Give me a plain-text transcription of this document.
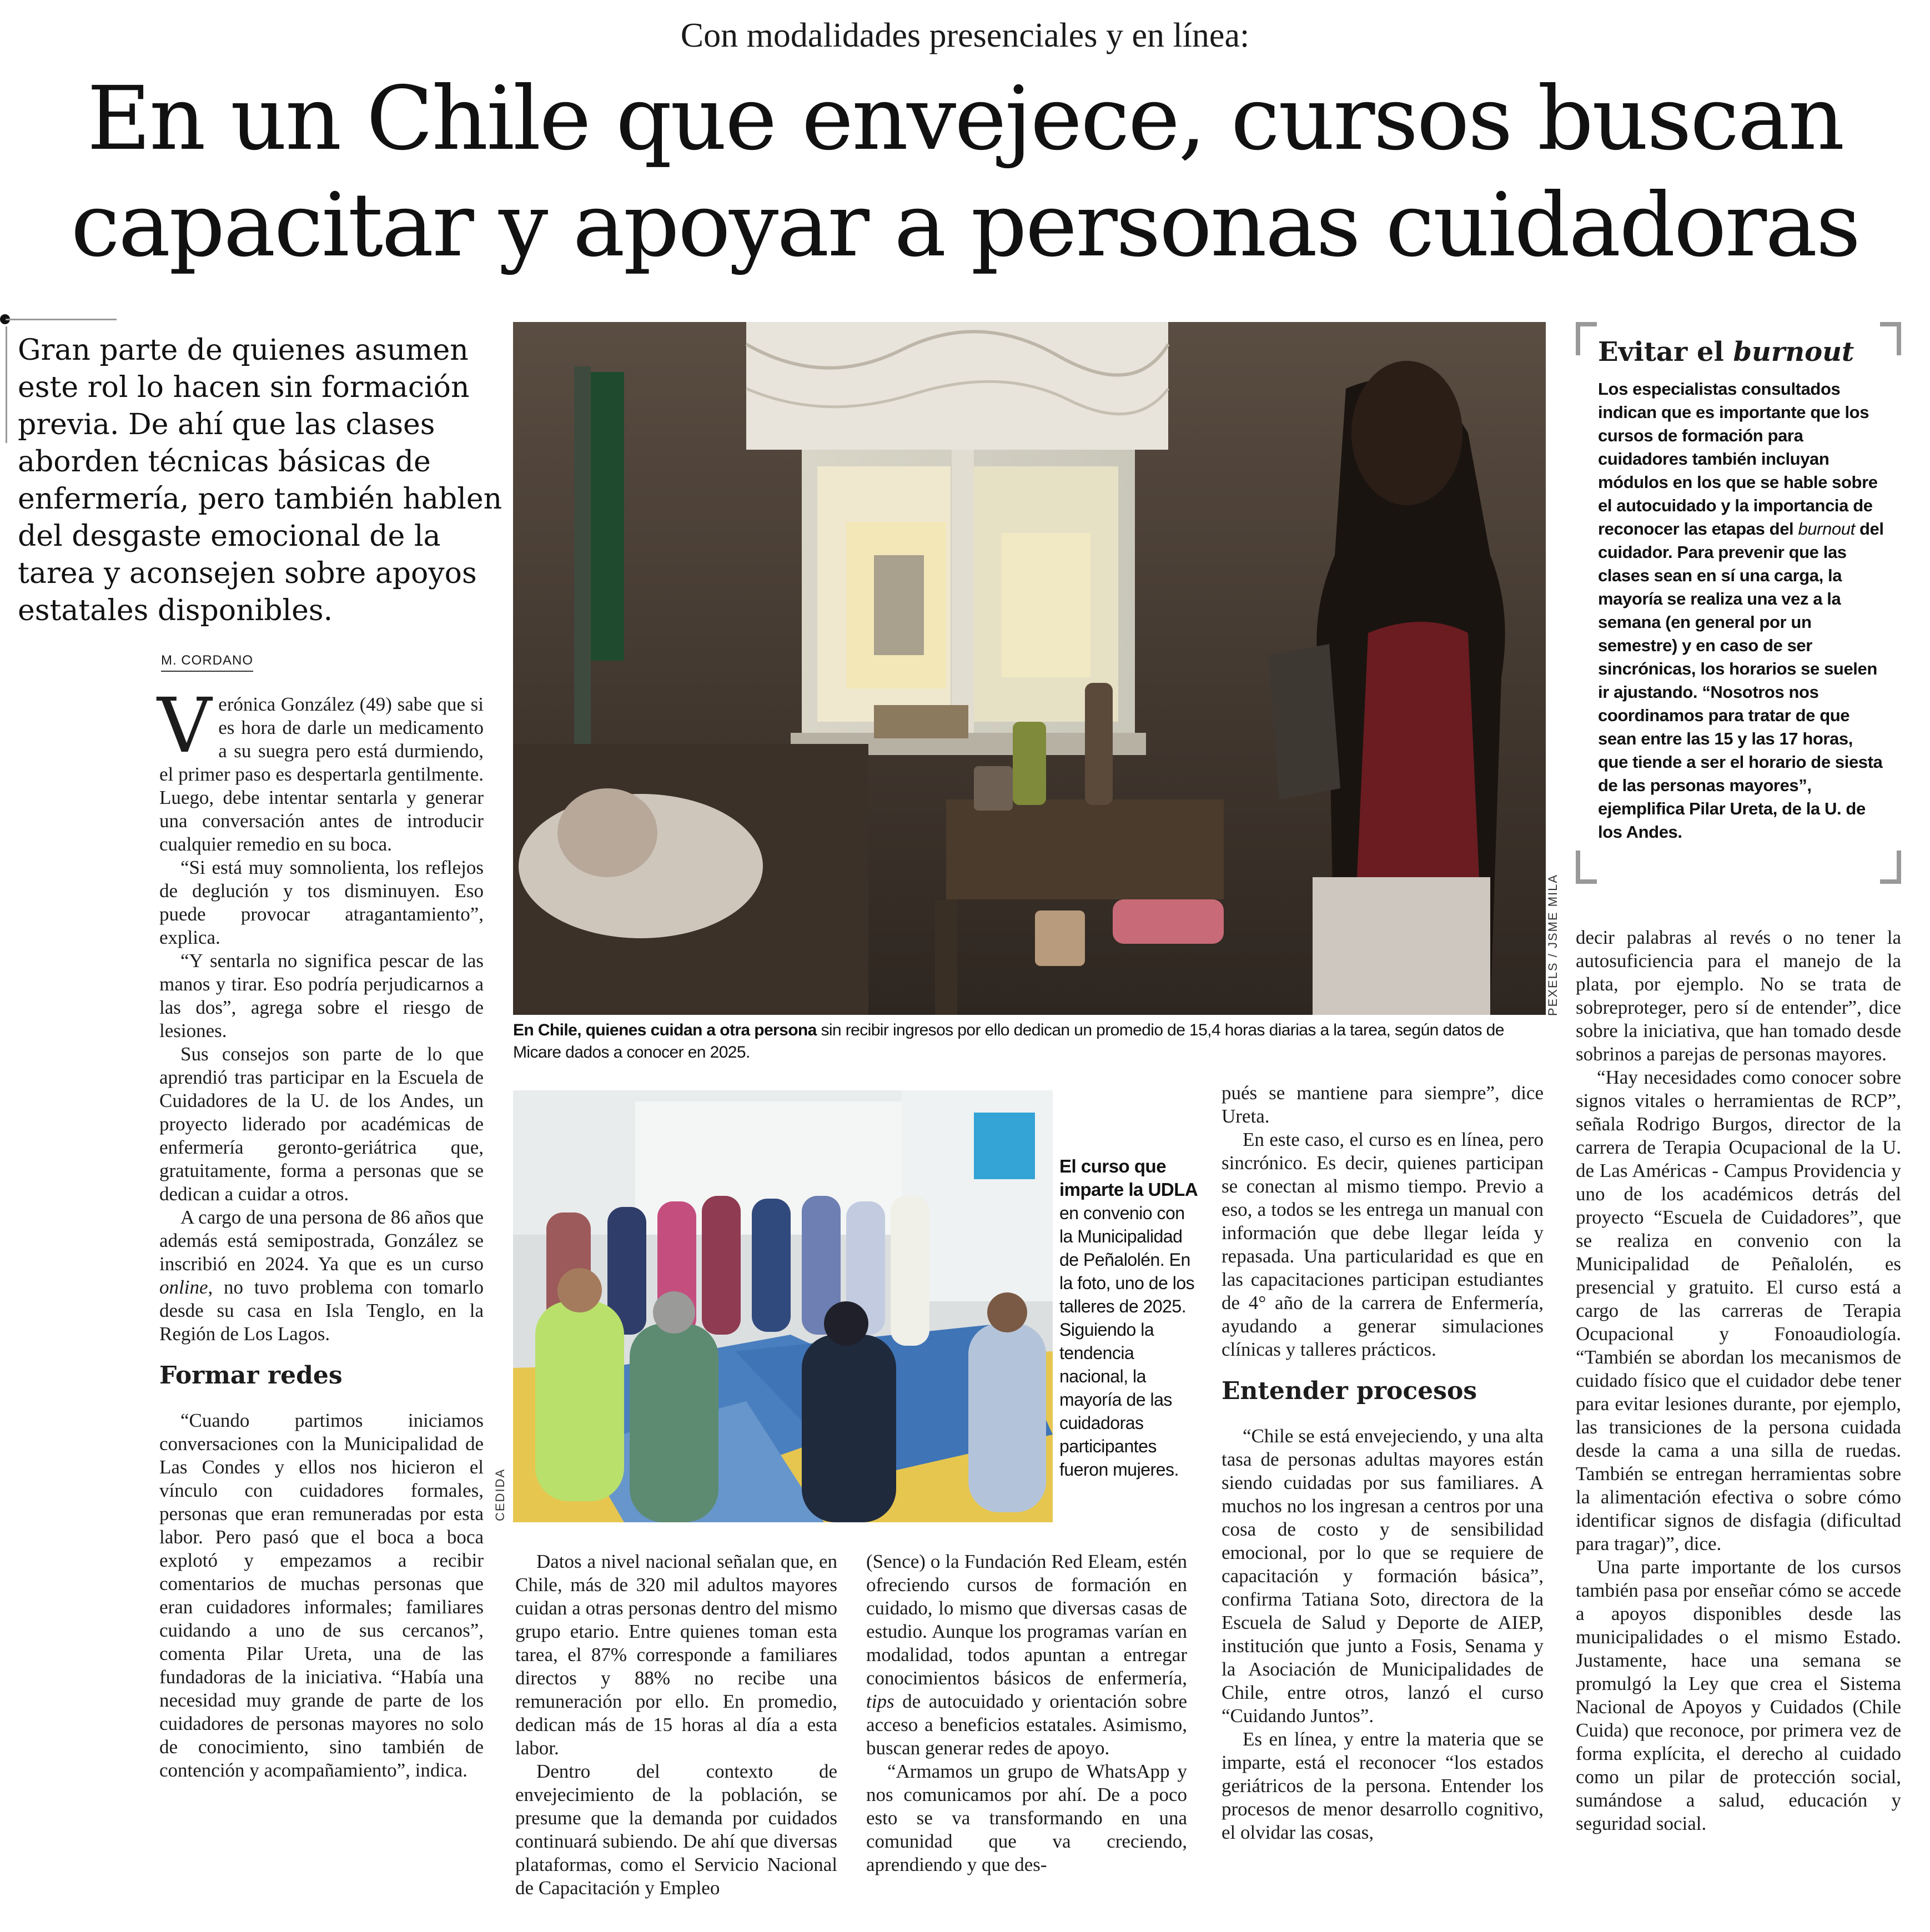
Con modalidades presenciales y en línea:
En un Chile que envejece, cursos buscan
capacitar y apoyar a personas cuidadoras
Gran parte de quienes asumen este rol lo hacen sin formación previa. De ahí que las clases aborden técnicas básicas de enfermería, pero también hablen del desgaste emocional de la tarea y aconsejen sobre apoyos estatales disponibles.
M. CORDANO
PEXELS / JSME MILA
En Chile, quienes cuidan a otra persona sin recibir ingresos por ello dedican un promedio de 15,4 horas diarias a la tarea, según datos de Micare dados a conocer en 2025.
CEDIDA
El curso que imparte la UDLA en convenio con la Municipalidad de Peñalolén. En la foto, uno de los talleres de 2025. Siguiendo la tendencia nacional, la mayoría de las cuidadoras participantes fueron mujeres.
Evitar el burnout
Los especialistas consultados indican que es importante que los cursos de formación para cuidadores también incluyan módulos en los que se hable sobre el autocuidado y la importancia de reconocer las etapas del burnout del cuidador. Para prevenir que las clases sean en sí una carga, la mayoría se realiza una vez a la semana (en general por un semestre) y en caso de ser sincrónicas, los horarios se suelen ir ajustando. “Nosotros nos coordinamos para tratar de que sean entre las 15 y las 17 horas, que tiende a ser el horario de siesta de las personas mayores”, ejemplifica Pilar Ureta, de la U. de los Andes.

Verónica González (49) sabe que si es hora de darle un medicamento a su suegra pero está durmiendo, el primer paso es despertarla gentilmente. Luego, debe intentar sentarla y generar una conversación antes de introducir cualquier remedio en su boca.

“Si está muy somnolienta, los reflejos de deglución y tos disminuyen. Eso puede provocar atragantamiento”, explica.

“Y sentarla no significa pescar de las manos y tirar. Eso podría perjudicarnos a las dos”, agrega sobre el riesgo de lesiones.

Sus consejos son parte de lo que aprendió tras participar en la Escuela de Cuidadores de la U. de los Andes, un proyecto liderado por académicas de enfermería geronto-geriátrica que, gratuitamente, forma a personas que se dedican a cuidar a otros.

A cargo de una persona de 86 años que además está semipostrada, González se inscribió en 2024. Ya que es un curso online, no tuvo problema con tomarlo desde su casa en Isla Tenglo, en la Región de Los Lagos.

Formar redes

“Cuando partimos iniciamos conversaciones con la Municipalidad de Las Condes y ellos nos hicieron el vínculo con cuidadores formales, personas que eran remuneradas por esta labor. Pero pasó que el boca a boca explotó y empezamos a recibir comentarios de muchas personas que eran cuidadores informales; familiares cuidando a uno de sus cercanos”, comenta Pilar Ureta, una de las fundadoras de la iniciativa. “Había una necesidad muy grande de parte de los cuidadores de personas mayores no solo de conocimiento, sino también de contención y acompañamiento”, indica.

Datos a nivel nacional señalan que, en Chile, más de 320 mil adultos mayores cuidan a otras personas dentro del mismo grupo etario. Entre quienes toman esta tarea, el 87% corresponde a familiares directos y 88% no recibe una remuneración por ello. En promedio, dedican más de 15 horas al día a esta labor.

Dentro del contexto de envejecimiento de la población, se presume que la demanda por cuidados continuará subiendo. De ahí que diversas plataformas, como el Servicio Nacional de Capacitación y Empleo

(Sence) o la Fundación Red Eleam, estén ofreciendo cursos de formación en cuidado, lo mismo que diversas casas de estudio. Aunque los programas varían en modalidad, todos apuntan a entregar conocimientos básicos de enfermería, tips de autocuidado y orientación sobre acceso a beneficios estatales. Asimismo, buscan generar redes de apoyo.

“Armamos un grupo de WhatsApp y nos comunicamos por ahí. De a poco esto se va transformando en una comunidad que va creciendo, aprendiendo y que des-

pués se mantiene para siempre”, dice Ureta.

En este caso, el curso es en línea, pero sincrónico. Es decir, quienes participan se conectan al mismo tiempo. Previo a eso, a todos se les entrega un manual con información que debe llegar leída y repasada. Una particularidad es que en las capacitaciones participan estudiantes de 4° año de la carrera de Enfermería, ayudando a generar simulaciones clínicas y talleres prácticos.

Entender procesos

“Chile se está envejeciendo, y una alta tasa de personas adultas mayores están siendo cuidadas por sus familiares. A muchos no los ingresan a centros por una cosa de costo y de sensibilidad emocional, por lo que se requiere de capacitación y formación básica”, confirma Tatiana Soto, directora de la Escuela de Salud y Deporte de AIEP, institución que junto a Fosis, Senama y la Asociación de Municipalidades de Chile, entre otros, lanzó el curso “Cuidando Juntos”.

Es en línea, y entre la materia que se imparte, está el reconocer “los estados geriátricos de la persona. Entender los procesos de menor desarrollo cognitivo, el olvidar las cosas,

decir palabras al revés o no tener la autosuficiencia para el manejo de la plata, por ejemplo. No se trata de sobreproteger, pero sí de entender”, dice sobre la iniciativa, que han tomado desde sobrinos a parejas de personas mayores.

“Hay necesidades como conocer sobre signos vitales o herramientas de RCP”, señala Rodrigo Burgos, director de la carrera de Terapia Ocupacional de la U. de Las Américas - Campus Providencia y uno de los académicos detrás del proyecto “Escuela de Cuidadores”, que se realiza en convenio con la Municipalidad de Peñalolén, es presencial y gratuito. El curso está a cargo de las carreras de Terapia Ocupacional y Fonoaudiología. “También se abordan los mecanismos de cuidado físico que el cuidador debe tener para evitar lesiones durante, por ejemplo, las transiciones de la persona cuidada desde la cama a una silla de ruedas. También se entregan herramientas sobre la alimentación efectiva o sobre cómo identificar signos de disfagia (dificultad para tragar)”, dice.

Una parte importante de los cursos también pasa por enseñar cómo se accede a apoyos disponibles desde las municipalidades o el mismo Estado. Justamente, hace una semana se promulgó la Ley que crea el Sistema Nacional de Apoyos y Cuidados (Chile Cuida) que reconoce, por primera vez de forma explícita, el derecho al cuidado como un pilar de protección social, sumándose a salud, educación y seguridad social.
